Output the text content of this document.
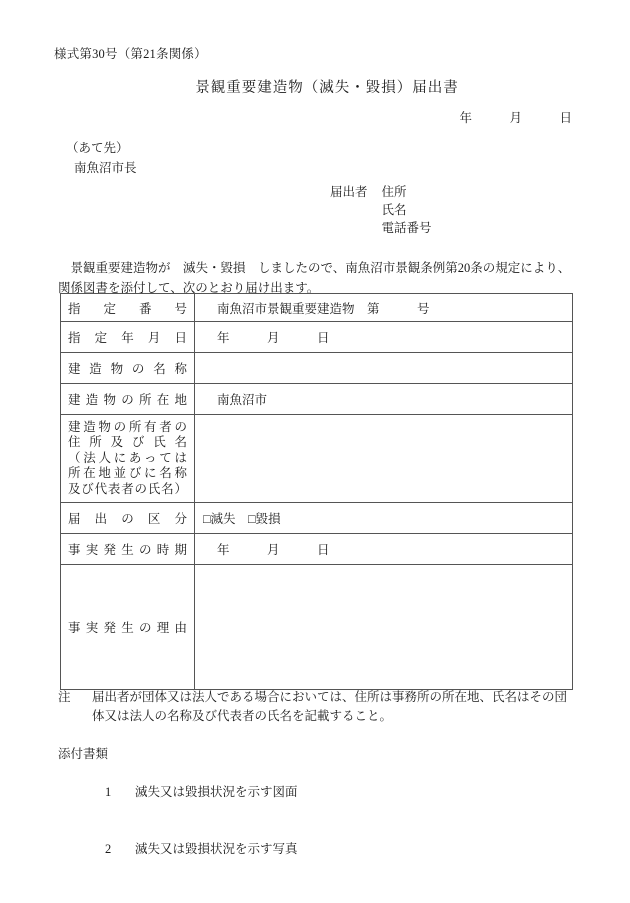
様式第30号（第21条関係）
景観重要建造物（滅失・毀損）届出書
年　　　月　　　日
（あて先）
南魚沼市長
届出者	住所
氏名
電話番号
景観重要建造物が　滅失・毀損　しましたので、南魚沼市景観条例第20条の規定により、関係図書を添付して、次のとおり届け出ます。
指定番号	南魚沼市景観重要建造物　第　　　号

指定年月日	年　　　月　　　日

建造物の名称	

建造物の所在地	南魚沼市

建造物の所有者の
住所及び氏名
（法人にあっては
所在地並びに名称
及び代表者の氏名）	

届出の区分	□滅失　□毀損

事実発生の時期	年　　　月　　　日

事実発生の理由	

注	届出者が団体又は法人である場合においては、住所は事務所の所在地、氏名はその団体又は法人の名称及び代表者の氏名を記載すること。
添付書類

1 滅失又は毀損状況を示す図面

2 滅失又は毀損状況を示す写真
